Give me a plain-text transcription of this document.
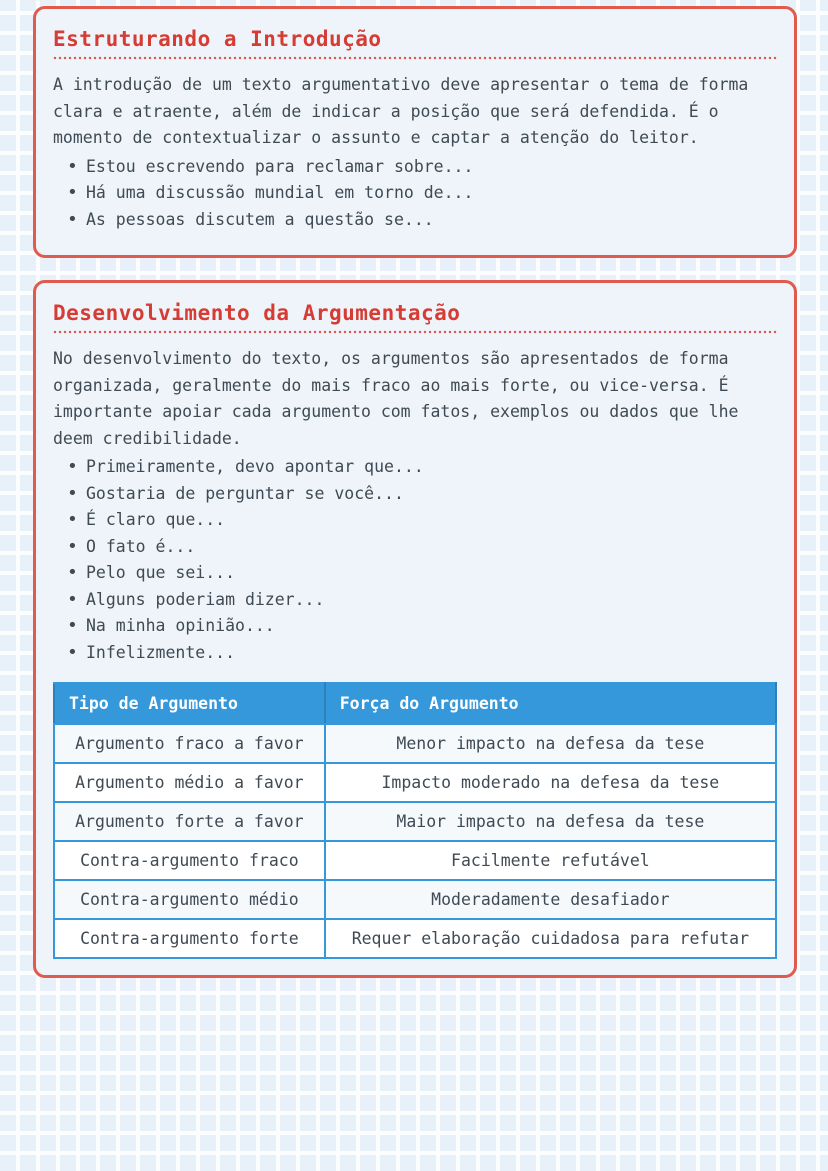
Estruturando a Introdução

A introdução de um texto argumentativo deve apresentar o tema de forma clara e atraente, além de indicar a posição que será defendida. É o momento de contextualizar o assunto e captar a atenção do leitor.

• Estou escrevendo para reclamar sobre...
• Há uma discussão mundial em torno de...
• As pessoas discutem a questão se...
Desenvolvimento da Argumentação

No desenvolvimento do texto, os argumentos são apresentados de forma organizada, geralmente do mais fraco ao mais forte, ou vice-versa. É importante apoiar cada argumento com fatos, exemplos ou dados que lhe deem credibilidade.

• Primeiramente, devo apontar que...
• Gostaria de perguntar se você...
• É claro que...
• O fato é...
• Pelo que sei...
• Alguns poderiam dizer...
• Na minha opinião...
• Infelizmente...
Tipo de Argumento	Força do Argumento
Argumento fraco a favor	Menor impacto na defesa da tese
Argumento médio a favor	Impacto moderado na defesa da tese
Argumento forte a favor	Maior impacto na defesa da tese
Contra-argumento fraco	Facilmente refutável
Contra-argumento médio	Moderadamente desafiador
Contra-argumento forte	Requer elaboração cuidadosa para refutar
